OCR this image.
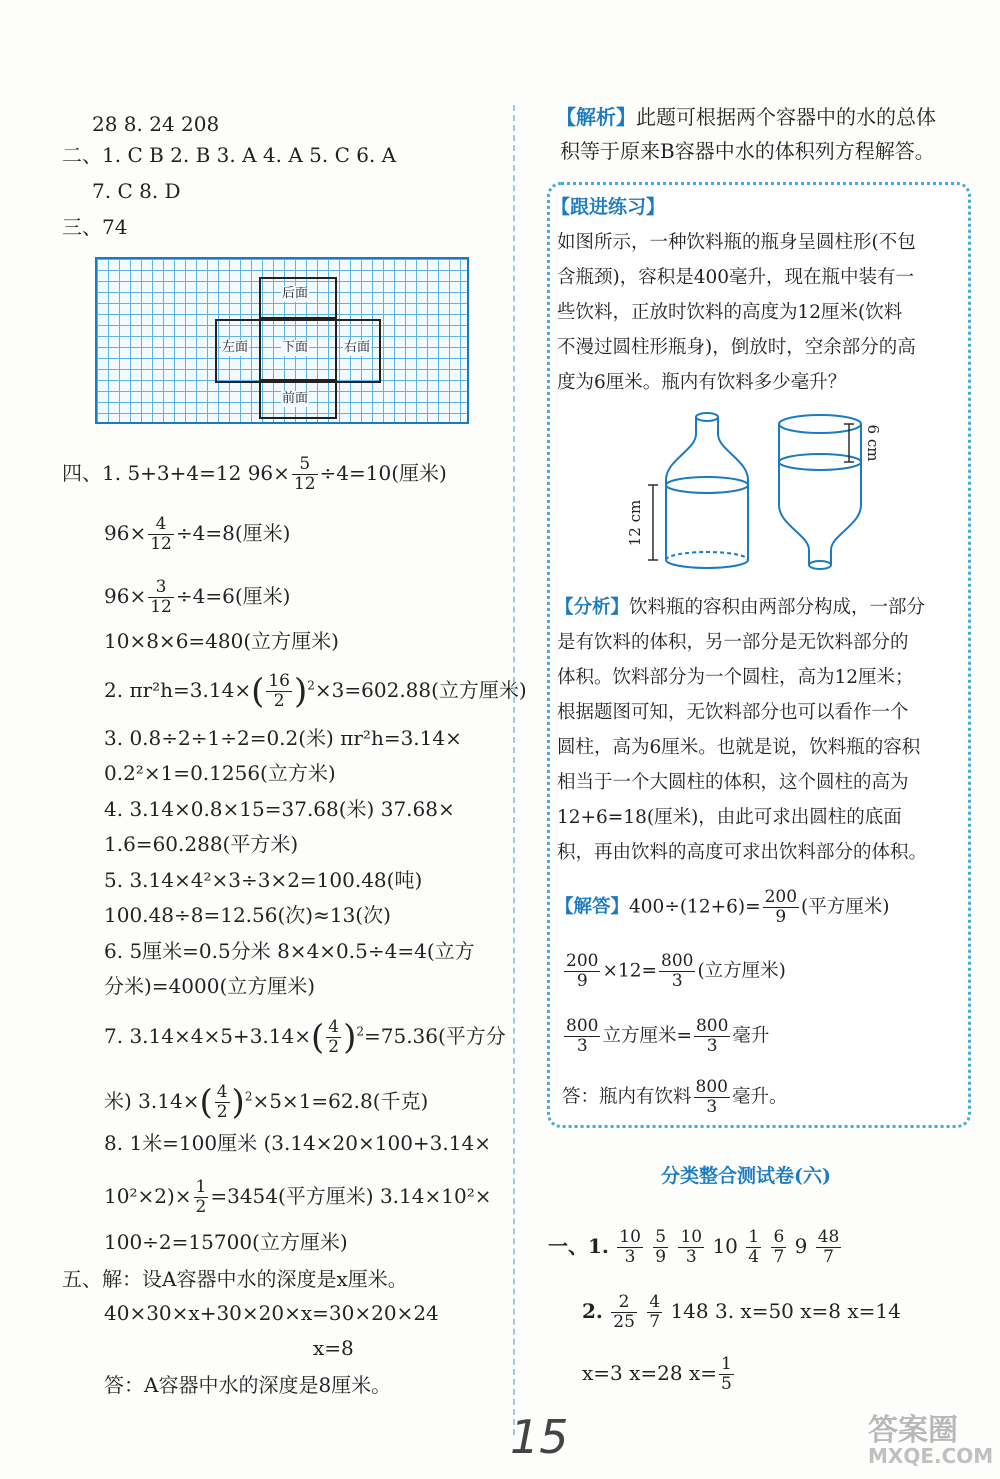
28 8. 24 208
二、1. C B 2. B 3. A 4. A 5. C 6. A
7. C 8. D
三、74
后面
左面	下面	右面
前面
四、1. 5+3+4=12 $96\times \frac{5}{12} \div 4=10$(厘米)
$96\times \frac{4}{12} \div 4=8$(厘米)
$96\times \frac{3}{12} \div 4=6$(厘米)
10×8×6=480(立方厘米)
2. $\pi r^2h=3.14\times( \frac{16}{2} )^2\times 3=602.88$(立方厘米)
3. 0.8÷2÷1÷2=0.2(米) πr²h=3.14×
0.2²×1=0.1256(立方米)
4. 3.14×0.8×15=37.68(米) 37.68×
1.6=60.288(平方米)
5. 3.14×4²×3÷3×2=100.48(吨)
100.48÷8=12.56(次)≈13(次)
6. 5厘米=0.5分米 8×4×0.5÷4=4(立方
分米)=4000(立方厘米)
7. $3.14\times 4\times 5+3.14\times( \frac{4}{2} )^2=75.36$(平方分
米) $3.14\times( \frac{4}{2} )^2\times 5\times 1=62.8$(千克)
8. 1米=100厘米 (3.14×20×100+3.14×
$10^2\times 2)\times \frac{1}{2} =3454$(平方厘米) 3.14×10²×
100÷2=15700(立方厘米)
五、解：设A容器中水的深度是x厘米。
40×30×x+30×20×x=30×20×24
x=8
答：A容器中水的深度是8厘米。
【解析】此题可根据两个容器中的水的总体
积等于原来B容器中水的体积列方程解答。
【跟进练习】
如图所示，一种饮料瓶的瓶身呈圆柱形(不包
含瓶颈)，容积是400毫升，现在瓶中装有一
些饮料，正放时饮料的高度为12厘米(饮料
不漫过圆柱形瓶身)，倒放时，空余部分的高
度为6厘米。瓶内有饮料多少毫升？
12 cm
6 cm
【分析】饮料瓶的容积由两部分构成，一部分
是有饮料的体积，另一部分是无饮料部分的
体积。饮料部分为一个圆柱，高为12厘米；
根据题图可知，无饮料部分也可以看作一个
圆柱，高为6厘米。也就是说，饮料瓶的容积
相当于一个大圆柱的体积，这个圆柱的高为
12+6=18(厘米)，由此可求出圆柱的底面
积，再由饮料的高度可求出饮料部分的体积。
【解答】$400\div(12+6)= \frac{200}{9}$ (平方厘米)
$\frac{200}{9} \times 12= \frac{800}{3}$ (立方厘米)
$\frac{800}{3}$ 立方厘米= $\frac{800}{3}$ 毫升
答：瓶内有饮料 $\frac{800}{3}$ 毫升。
分类整合测试卷(六)
一、1. $\frac{10}{3}$
$\frac{5}{9}$
$\frac{10}{3} 10 \frac{1}{4}$
$\frac{6}{7} 9 \frac{48}{7}$
2. $\frac{2}{25}$
$\frac{4}{7} 148$ 3. x=50 x=8 x=14
x=3 x=28 $x= \frac{1}{5}$
15	答案圈
MXQE.COM
